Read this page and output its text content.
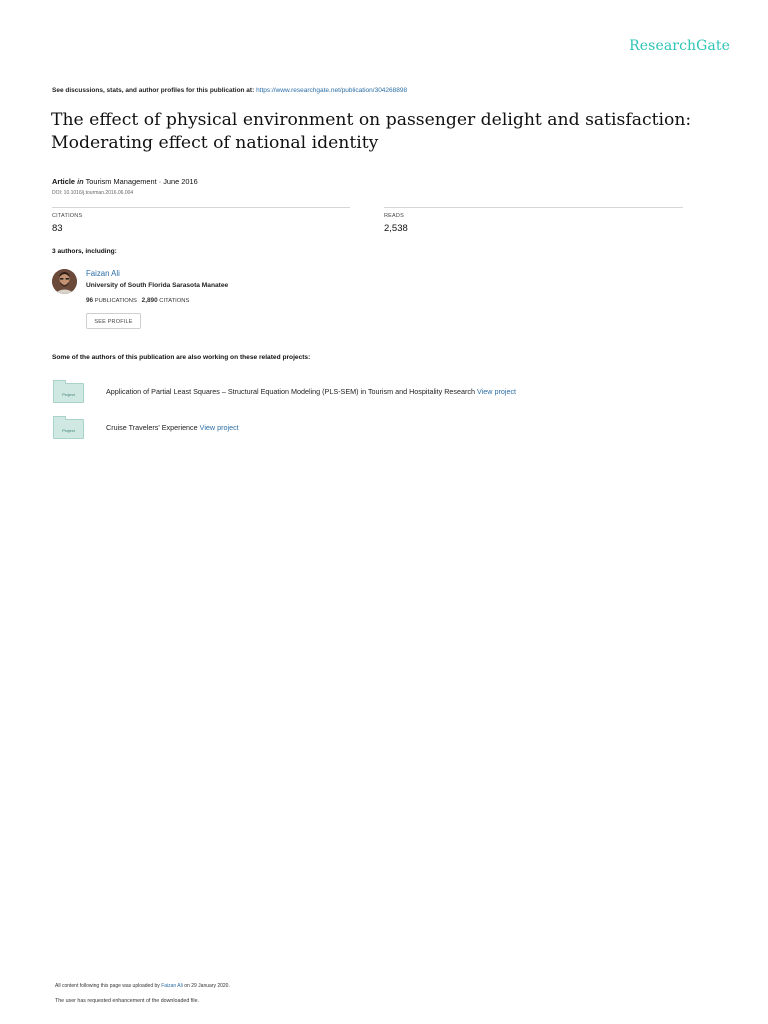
ResearchGate
See discussions, stats, and author profiles for this publication at: https://www.researchgate.net/publication/304268898
The effect of physical environment on passenger delight and satisfaction:
Moderating effect of national identity
Article in Tourism Management · June 2016
DOI: 10.1016/j.tourman.2016.06.004
CITATIONS
83
READS
2,538
3 authors, including:
Faizan Ali
University of South Florida Sarasota Manatee
96 PUBLICATIONS 2,890 CITATIONS
SEE PROFILE
Some of the authors of this publication are also working on these related projects:
Project	Application of Partial Least Squares – Structural Equation Modeling (PLS-SEM) in Tourism and Hospitality Research View project
Project	Cruise Travelers' Experience View project
All content following this page was uploaded by Faizan Ali on 29 January 2020.
The user has requested enhancement of the downloaded file.
